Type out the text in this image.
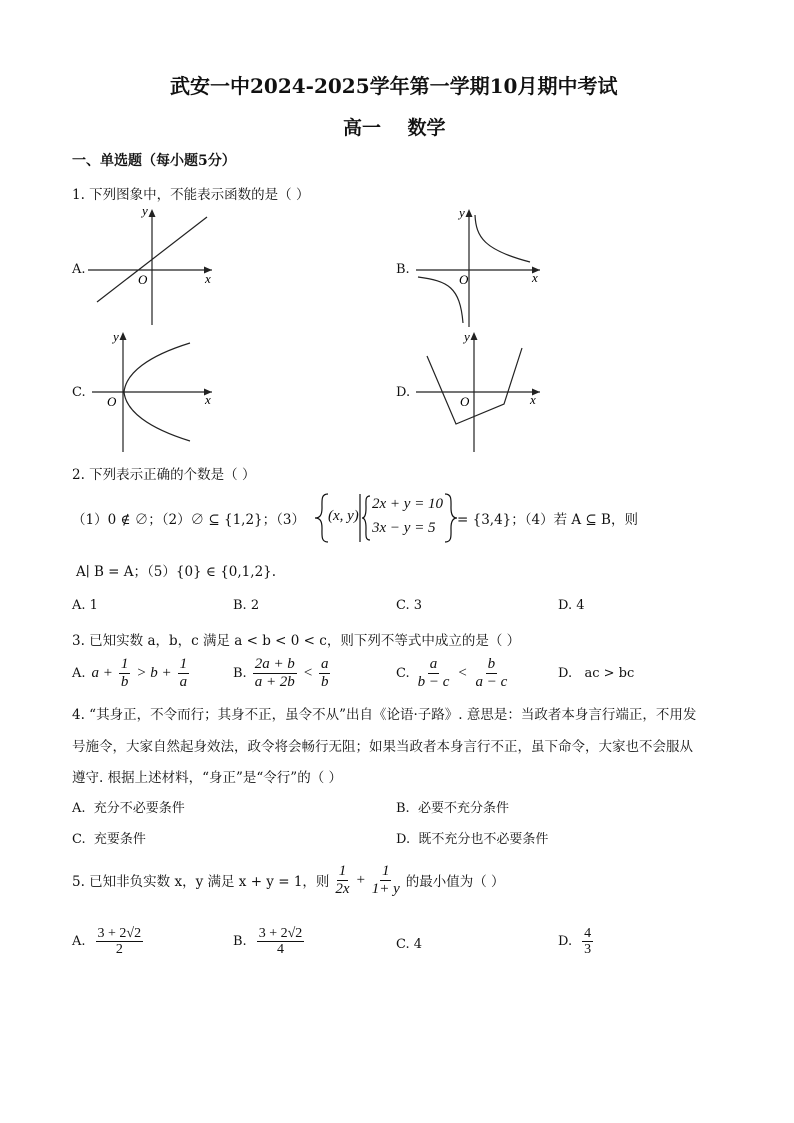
武安一中2024-2025学年第一学期10月期中考试
高一    数学
一、单选题（每小题5分）
1. 下列图象中，不能表示函数的是（ ）
A.
y
x
O
B.
y
x
O
C.
y
x
O
D.
y
x
O
2. 下列表示正确的个数是（ ）
（1）0 ∉ ∅；（2）∅ ⊆ {1,2}；（3） (x, y)
2x + y = 10
3x − y = 5 = {3,4}；（4）若 A ⊆ B，则
A∣ B = A；（5）{0} ∈ {0,1,2}.
A. 1	B. 2	C. 3	D. 4
3. 已知实数 a，b，c 满足 a < b < 0 < c，则下列不等式中成立的是（ ）
A. $a + \frac{1}{b} > b + \frac{1}{a}$	B. $\frac{2a + b}{a + 2b} < \frac{a}{b}$	C. $\frac{a}{b - c} < \frac{b}{a - c}$	D.   ac > bc
4. “其身正，不令而行；其身不正，虽令不从”出自《论语·子路》. 意思是：当政者本身言行端正，不用发
号施令，大家自然起身效法，政令将会畅行无阻；如果当政者本身言行不正，虽下命令，大家也不会服从
遵守. 根据上述材料，“身正”是“令行”的（ ）
A.  充分不必要条件	B.  必要不充分条件
C.  充要条件	D.  既不充分也不必要条件
5. 已知非负实数 x，y 满足 x + y = 1，则 $\frac{1}{2x} + \frac{1}{1+ y}$ 的最小值为（ ）
A. $\frac{3 + 2√2}{2}$	B. $\frac{3 + 2√2}{4}$	C. 4	D. $\frac{4}{3}$
